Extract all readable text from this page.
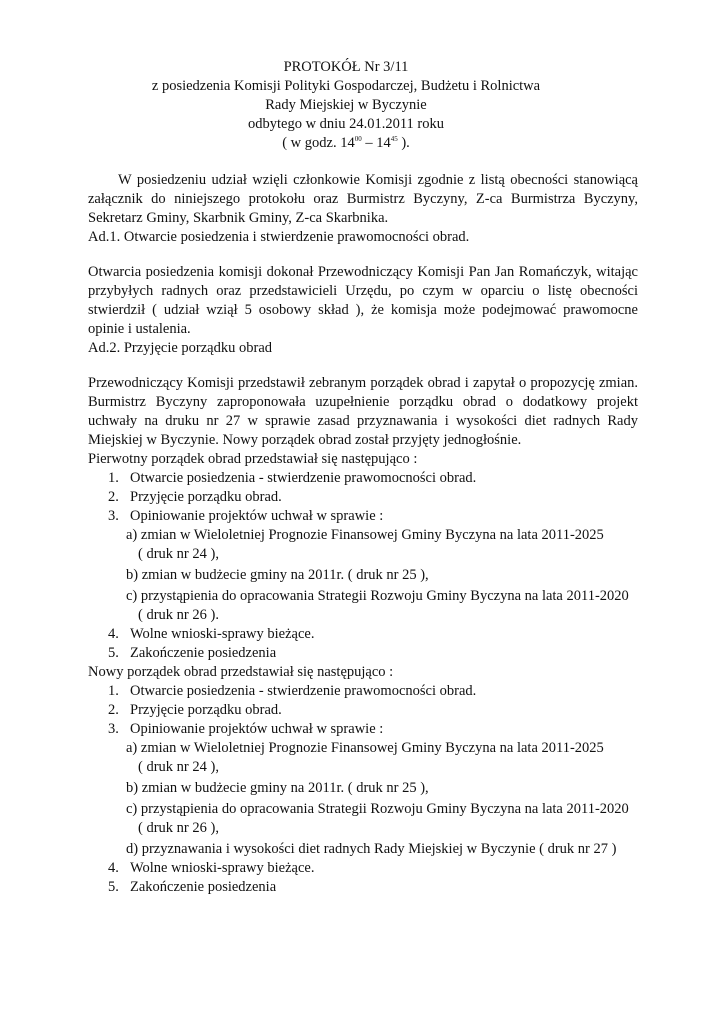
PROTOKÓŁ Nr 3/11
z posiedzenia Komisji Polityki Gospodarczej, Budżetu i Rolnictwa
Rady Miejskiej w Byczynie
odbytego w dniu 24.01.2011 roku
( w godz. $14^{00} - 14^{45}$ ).

W posiedzeniu udział wzięli członkowie Komisji zgodnie z listą obecności stanowiącą załącznik do niniejszego protokołu oraz Burmistrz Byczyny, Z-ca Burmistrza Byczyny, Sekretarz Gminy, Skarbnik Gminy, Z-ca Skarbnika.

Ad.1. Otwarcie posiedzenia i stwierdzenie prawomocności obrad.

Otwarcia posiedzenia komisji dokonał Przewodniczący Komisji Pan Jan Romańczyk, witając przybyłych radnych oraz przedstawicieli Urzędu, po czym w oparciu o listę obecności stwierdził ( udział wziął 5 osobowy skład ), że komisja może podejmować prawomocne opinie i ustalenia.

Ad.2. Przyjęcie porządku obrad

Przewodniczący Komisji przedstawił zebranym porządek obrad i zapytał o propozycję zmian. Burmistrz Byczyny zaproponowała uzupełnienie porządku obrad o dodatkowy projekt uchwały na druku nr 27 w sprawie zasad przyznawania i wysokości diet radnych Rady Miejskiej w Byczynie. Nowy porządek obrad został przyjęty jednogłośnie.

Pierwotny porządek obrad przedstawiał się następująco :

1. Otwarcie posiedzenia - stwierdzenie prawomocności obrad.
2. Przyjęcie porządku obrad.
3. Opiniowanie projektów uchwał w sprawie :
a) zmian w Wieloletniej Prognozie Finansowej Gminy Byczyna na lata 2011-2025
( druk nr 24 ),
b) zmian w budżecie gminy na 2011r. ( druk nr 25 ),
c) przystąpienia do opracowania Strategii Rozwoju Gminy Byczyna na lata 2011-2020
( druk nr 26 ).
4. Wolne wnioski-sprawy bieżące.
5. Zakończenie posiedzenia

Nowy porządek obrad przedstawiał się następująco :

1. Otwarcie posiedzenia - stwierdzenie prawomocności obrad.
2. Przyjęcie porządku obrad.
3. Opiniowanie projektów uchwał w sprawie :
a) zmian w Wieloletniej Prognozie Finansowej Gminy Byczyna na lata 2011-2025
( druk nr 24 ),
b) zmian w budżecie gminy na 2011r. ( druk nr 25 ),
c) przystąpienia do opracowania Strategii Rozwoju Gminy Byczyna na lata 2011-2020
( druk nr 26 ),
d) przyznawania i wysokości diet radnych Rady Miejskiej w Byczynie ( druk nr 27 )
4. Wolne wnioski-sprawy bieżące.
5. Zakończenie posiedzenia
